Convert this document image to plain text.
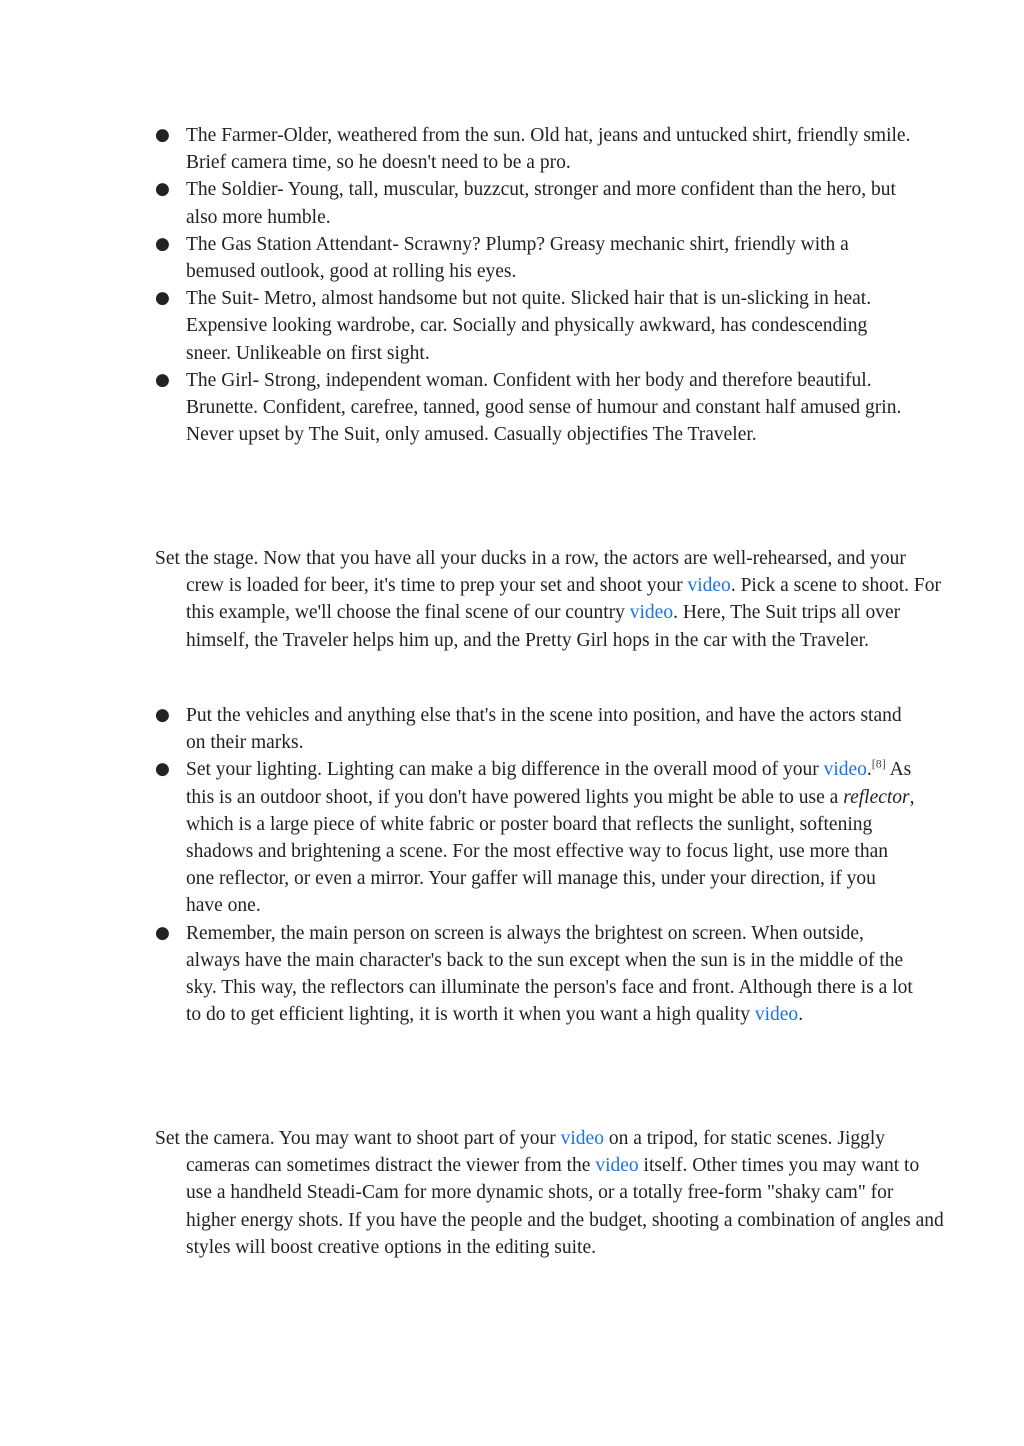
● The Farmer-Older, weathered from the sun. Old hat, jeans and untucked shirt, friendly smile. Brief camera time, so he doesn't need to be a pro.
● The Soldier- Young, tall, muscular, buzzcut, stronger and more confident than the hero, but also more humble.
● The Gas Station Attendant- Scrawny? Plump? Greasy mechanic shirt, friendly with a bemused outlook, good at rolling his eyes.
● The Suit- Metro, almost handsome but not quite. Slicked hair that is un-slicking in heat. Expensive looking wardrobe, car. Socially and physically awkward, has condescending sneer. Unlikeable on first sight.
● The Girl- Strong, independent woman. Confident with her body and therefore beautiful. Brunette. Confident, carefree, tanned, good sense of humour and constant half amused grin. Never upset by The Suit, only amused. Casually objectifies The Traveler.

Set the stage. Now that you have all your ducks in a row, the actors are well-rehearsed, and your crew is loaded for beer, it's time to prep your set and shoot your video. Pick a scene to shoot. For this example, we'll choose the final scene of our country video. Here, The Suit trips all over himself, the Traveler helps him up, and the Pretty Girl hops in the car with the Traveler.

● Put the vehicles and anything else that's in the scene into position, and have the actors stand on their marks.
● Set your lighting. Lighting can make a big difference in the overall mood of your video.[8] As this is an outdoor shoot, if you don't have powered lights you might be able to use a reflector, which is a large piece of white fabric or poster board that reflects the sunlight, softening shadows and brightening a scene. For the most effective way to focus light, use more than one reflector, or even a mirror. Your gaffer will manage this, under your direction, if you have one.
● Remember, the main person on screen is always the brightest on screen. When outside, always have the main character's back to the sun except when the sun is in the middle of the sky. This way, the reflectors can illuminate the person's face and front. Although there is a lot to do to get efficient lighting, it is worth it when you want a high quality video.

Set the camera. You may want to shoot part of your video on a tripod, for static scenes. Jiggly cameras can sometimes distract the viewer from the video itself. Other times you may want to use a handheld Steadi-Cam for more dynamic shots, or a totally free-form "shaky cam" for higher energy shots. If you have the people and the budget, shooting a combination of angles and styles will boost creative options in the editing suite.
